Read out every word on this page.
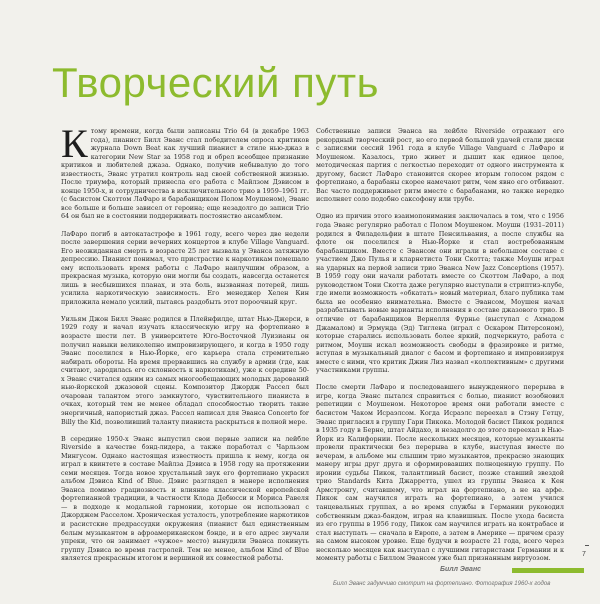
Творческий путь

Ктому времени, когда были записаны Trio 64 (в декабре 1963 года), пианист Билл Эванс стал победителем опроса критиков журнала Down Beat как лучший пианист в стиле нью-джаз в категории New Star за 1958 год и обрел всеобщее признание критиков и любителей джаза. Однако, получив небывалую до того известность, Эванс утратил контроль над своей собственной жизнью. После триумфа, который принесла его работа с Майлзом Дэвисом в конце 1950-х, и сотрудничества в исключительного трио в 1959–1961 гг. (с басистом Скоттом ЛаФаро и барабанщиком Полом Моушеном), Эванс все больше и больше зависел от героина; еще незадолго до записи Trio 64 он был не в состоянии поддерживать постоянство ансамблем.

ЛаФаро погиб в автокатастрофе в 1961 году, всего через две недели после завершения серии вечерних концертов в клубе Village Vanguard. Его неожиданная смерть в возрасте 25 лет вызвала у Эванса затяжную депрессию. Пианист понимал, что пристрастие к наркотикам помешало ему использовать время работы с ЛаФаро наилучшим образом, а прекрасная музыка, которую они могли бы создать, навсегда останется лишь в несбывшихся планах, и эта боль, вызванная потерей, лишь усилила наркотическую зависимость. Его менеджер Хелен Кин приложила немало усилий, пытаясь раздобыть этот пороочный круг.

Уильям Джон Билл Эванс родился в Плейнфилде, штат Нью-Джерси, в 1929 году и начал изучать классическую игру на фортепиано в возрасте шести лет. В университете Юго-Восточной Луизианы он получил навыки великолепно импровизирующего, и когда в 1950 году Эванс поселился в Нью-Йорке, его карьера стала стремительно набирать обороты. На время прервавшись на службу в армии (где, как считают, зародилась его склонность к наркотикам), уже к середине 50-х Эванс считался одним из самых многообещающих молодых дарований нью-йоркской джазовой сцены. Композитор Джордж Рассел был очарован талантом этого замкнутого, чувствительного пианиста в очках, который тем не менее обладал способностью творить такие энергичный, напористый джаз. Рассел написал для Эванса Concerto for Billy the Kid, позволивший таланту пианиста раскрыться в полной мере.

В середине 1950-х Эванс выпустил свои первые записи на лейбле Riverside в качестве бэнд-лидера, а также поработал с Чарльзом Мингусом. Однако настоящая известность пришла к нему, когда он играл в квинтете в составе Майлза Дэвиса в 1958 году на протяжении семи месяцев. Тогда новое хрустальный звук его фортепиано украсил альбом Дэвиса Kind of Blue. Дэвис разглядел в манере исполнения Эванса помимо грациозность и влияние классической европейской фортепианной традиции, в частности Клода Дебюсси и Мориса Равеля — в подходе к модальной гармонии, которые он использовал с Джорджем Расселом. Хроническая усталость, употребление наркотиков и расистские предрассудки окружения (пианист был единственным белым музыкантом в афроамериканском бэнде, и в его адрес звучали упреки, что он занимает «чужое» место) вынудили Эванса покинуть группу Дэвиса во время гастролей. Тем не менее, альбом Kind of Blue является прекрасным итогом и вершиной их совместной работы.

Собственные записи Эванса на лейбле Riverside отражают его рекордный творческий рост, но его первой большой удачей стали диски с записями сессий 1961 года в клубе Village Vanguard с ЛаФаро и Моушеном. Казалось, трио живет и дышит как единое целое, методическая партия с легкостью переходит от одного инструмента к другому, басист ЛаФаро становится скорее вторым голосом рядом с фортепиано, а барабаны скорее намечают ритм, чем явно его отбивают. Вас часто поддерживает ритм вместе с барабанами, но также нередко исполняет соло подобно саксофону или трубе.

Одно из причин этого взаимопонимания заключалась в том, что с 1956 года Эванс регулярно работал с Полом Моушеном. Моушн (1931–2011) родился в Филадельфии в штате Пенсильвания, а после службы на флоте он поселился в Нью-Йорке и стал востребованным барабанщиком. Вместе с Эвансом они играли в небольшом составе с участием Джо Пулья и кларнетиста Тони Скотта; также Моушн играл на ударных на первой записи трио Эванса New Jazz Conceptions (1957). В 1959 году они начали работать вместе со Скоттом ЛаФаро, а под руководством Тони Скотта даже регулярно выступали в стриптиз-клубе, где имели возможность «обкатать» новый материал, благо публика там была не особенно внимательна. Вместе с Эвансом, Моушен начал разрабатывать новые варианты исполнения в составе джазового трио. В отличие от барабанщиков Вернелля Фурнье (выступал с Ахмадом Джамалом) и Эрмунда (Эд) Тиглена (играл с Оскаром Питерсоном), которые старались использовать более яркий, подчеркнуто, работа с ритмом, Моушн искал возможность свободы в фразировке и ритме, вступая в музыкальный диалог с басом и фортепиано и импровизируя вместе с ними, что критик Джин Лиз назвал «коллективным» с другими участниками группы.

После смерти ЛаФаро и последовавшего вынужденного перерыва в игре, когда Эванс пытался справиться с болью, пианист возобновил репетиции с Моушеном. Некоторое время они работали вместе с басистом Чаком Исраэлсом. Когда Исраэлс переехал в Стэну Гетцу, Эванс пригласил в группу Гари Пикока. Молодой басист Пикок родился в 1935 году в Берне, штат Айдахо, и незадолго до этого переехал в Нью-Йорк из Калифорнии. После нескольких месяцев, которые музыканты провели практически без перерыва в клубе, выступая вместе по вечерам, в альбоме мы слышим трио музыкантов, прекрасно знающих манеру игры друг друга и сформировавших полноценную группу. По иронии судьбы Пикок, талантливый басист, позже ставший звездой трио Standards Кита Джарретта, ушел из группы Эванса к Кен Армстронгу, считавшему, что играл на фортепиано, а не на арфе. Пикок сам научился играть на фортепиано, а затем учился танцевальных группах, а во время службы в Германии руководил собственным джаз-бандом, играя на клавишных. После ухода басиста из его группы в 1956 году, Пикок сам научился играть на контрабасе и стал выступать — сначала в Европе, а затем в Америке — причем сразу на самом высоком уровне. Еще будучи в возрасте 21 года, всего через несколько месяцев как выступал с лучшими гитаристами Германии и к моменту работы с Биллом Эвансом уже был признанным виртуозом.	7
Билл Эванс
Билл Эванс задумчиво смотрит на фортепиано. Фотография 1960-х годов
